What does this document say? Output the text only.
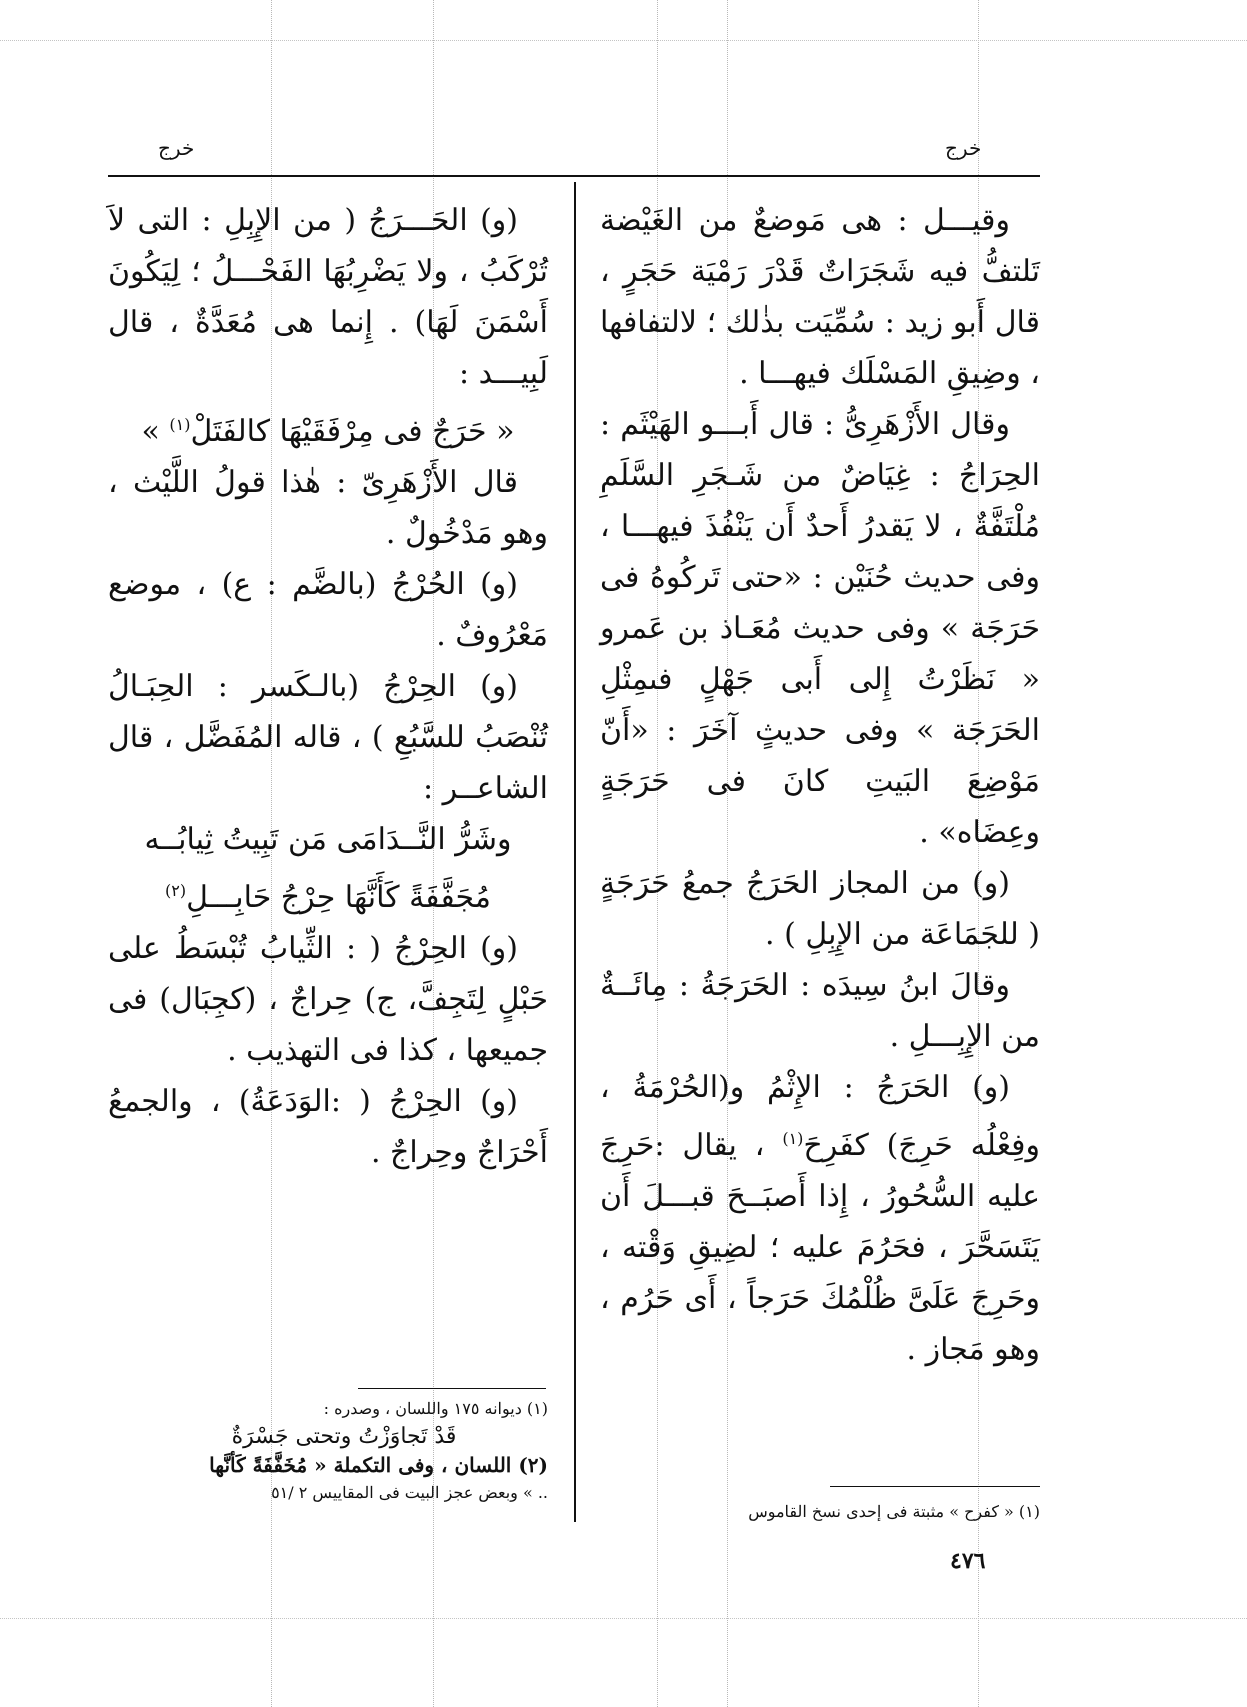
خرج	خرج

وقيـــل : هى مَوضعٌ من الغَيْضة تَلتفُّ فيه شَجَرَاتٌ قَدْرَ رَمْيَة حَجَرٍ ، قال أَبو زيد : سُمِّيَت بذٰلك ؛ لالتفافها ، وضِيقِ المَسْلَك فيهـــا .

وقال الأَزْهَرِىُّ : قال أَبـــو الهَيْثَم : الحِرَاجُ : غِيَاضٌ من شَـجَرِ السَّلَمِ مُلْتَفَّةٌ ، لا يَقدرُ أَحدٌ أَن يَنْفُذَ فيهـــا ، وفى حديث حُنَيْن : «حتى تَركُوهُ فى حَرَجَة » وفى حديث مُعَـاذ بن عَمرو « نَظَرْتُ إِلى أَبى جَهْلٍ فىمِثْلِ الحَرَجَة » وفى حديثٍ آخَرَ : «أَنّ مَوْضِعَ البَيتِ كانَ فى حَرَجَةٍ وعِضَاه» .

(و) من المجاز الحَرَجُ جمعُ حَرَجَةٍ ( للجَمَاعَة من الإِبِلِ ) .

وقالَ ابنُ سِيدَه : الحَرَجَةُ : مِائَــةٌ من الإِبِـــلِ .

(و) الحَرَجُ : الإِثْمُ و(الحُرْمَةُ ، وفِعْلُه حَرِجَ) كفَرِحَ$^{(١)}$ ، يقال :حَرِجَ عليه السُّحُورُ ، إِذا أَصبَــحَ قبـــلَ أَن يَتَسَحَّرَ ، فحَرُمَ عليه ؛ لضِيقِ وَقْته ، وحَرِجَ عَلَىَّ ظُلْمُكَ حَرَجاً ، أَى حَرُم ، وهو مَجاز .

(و) الحَـــرَجُ ( من الإِبِلِ : التى لاَ تُرْكَبُ ، ولا يَضْرِبُهَا الفَحْـــلُ ؛ لِيَكُونَ أَسْمَنَ لَهَا) . إِنما هى مُعَدَّةٌ ، قال لَبِيـــد :

« حَرَجٌ فى مِرْفَقَيْهَا كالفَتَلْ$^{(١)}$ »

قال الأَزْهَرِىّ : هٰذا قولُ اللَّيْث ، وهو مَدْخُولٌ .

(و) الحُرْجُ (بالضَّم : ع) ، موضع مَعْرُوفٌ .

(و) الحِرْجُ (بالـكَسر : الحِبَـالُ تُنْصَبُ للسَّبُعِ ) ، قاله المُفَضَّل ، قال الشاعــر :

وشَرُّ النَّــدَامَى مَن تَبِيتُ ثِيابُــه

مُجَفَّفَةً كَأَنَّهَا حِرْجُ حَابِـــلِ$^{(٢)}$

(و) الحِرْجُ ( : الثِّيابُ تُبْسَطُ على حَبْلٍ لِتَجِفَّ، ج) حِراجٌ ، (كجِبَال) فى جميعها ، كذا فى التهذيب .

(و) الحِرْجُ ( :الوَدَعَةُ) ، والجمعُ أَحْرَاجٌ وحِراجٌ .

(١) ديوانه ١٧٥ واللسان ، وصدره :

قَدْ تَجاوَزْتُ وتحتى جَسْرَةٌ

(٢) اللسان ، وفى التكملة « مُخَفَّفَةً كَأنَّها

.. » وبعض عجز البيت فى المقاييس ٢ /٥١

(١) « كفرح » مثبتة فى إحدى نسخ القاموس

٤٧٦
